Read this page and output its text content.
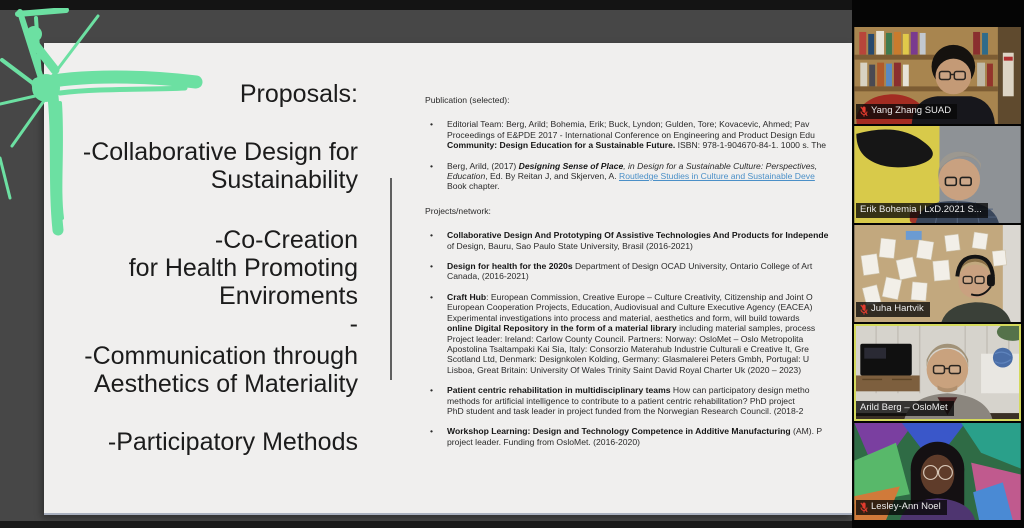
Proposals:
-Collaborative Design for
Sustainability
-Co-Creation
for Health Promoting
Enviroments
-
-Communication through
Aesthetics of Materiality
-Participatory Methods
Publication (selected):
• Editorial Team: Berg, Arild; Bohemia, Erik; Buck, Lyndon; Gulden, Tore; Kovacevic, Ahmed; Pav
Proceedings of E&PDE 2017 - International Conference on Engineering and Product Design Edu
Community: Design Education for a Sustainable Future. ISBN: 978-1-904670-84-1. 1000 s. The
• Berg, Arild, (2017) Designing Sense of Place, in Design for a Sustainable Culture: Perspectives,
Education, Ed. By Reitan J, and Skjerven, A. Routledge Studies in Culture and Sustainable Deve
Book chapter.
Projects/network:
• Collaborative Design And Prototyping Of Assistive Technologies And Products for Independe
of Design, Bauru, Sao Paulo State University, Brasil (2016-2021)
• Design for health for the 2020s Department of Design OCAD University, Ontario College of Art
Canada, (2016-2021)
• Craft Hub: European Commission, Creative Europe – Culture Creativity, Citizenship and Joint O
European Cooperation Projects, Education, Audiovisual and Culture Executive Agency (EACEA)
Experimental investigations into process and material, aesthetics and form, will build towards
online Digital Repository in the form of a material library including material samples, process
Project leader: Ireland: Carlow County Council. Partners: Norway: OsloMet – Oslo Metropolita
Apostolina Tsaltampaki Kai Sia, Italy: Consorzio Materahub Industrie Culturali e Creative It, Gre
Scotland Ltd, Denmark: Designkolen Kolding, Germany: Glasmalerei Peters Gmbh, Portugal: U
Lisboa, Great Britain: University Of Wales Trinity Saint David Royal Charter Uk (2020 – 2023)
• Patient centric rehabilitation in multidisciplinary teams How can participatory design metho
methods for artificial intelligence to contribute to a patient centric rehabilitation? PhD project
PhD student and task leader in project funded from the Norwegian Research Council. (2018-2
• Workshop Learning: Design and Technology Competence in Additive Manufacturing (AM). P
project leader. Funding from OsloMet. (2016-2020)
Yang Zhang SUAD
Erik Bohemia | LxD.2021 S...
Juha Hartvik
Arild Berg – OsloMet
Lesley-Ann Noel
